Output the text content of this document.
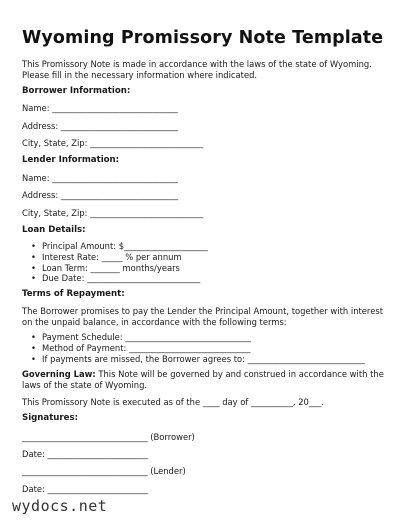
Wyoming Promissory Note Template
This Promissory Note is made in accordance with the laws of the state of Wyoming. Please fill in the necessary information where indicated.
Borrower Information:
Name: ______________________________
Address: ____________________________
City, State, Zip: ___________________________
Lender Information:
Name: ______________________________
Address: ____________________________
City, State, Zip: ___________________________
Loan Details:
• Principal Amount: $____________________
• Interest Rate: _____ % per annum
• Loan Term: _______ months/years
• Due Date: ___________________________
Terms of Repayment:
The Borrower promises to pay the Lender the Principal Amount, together with interest on the unpaid balance, in accordance with the following terms:
• Payment Schedule: ______________________________
• Method of Payment: _____________________________
• If payments are missed, the Borrower agrees to: ____________________________
Governing Law: This Note will be governed by and construed in accordance with the laws of the state of Wyoming.
This Promissory Note is executed as of the ____ day of __________, 20___.
Signatures:
______________________________ (Borrower)
Date: ________________________
______________________________ (Lender)
Date: ________________________
wydocs.net
